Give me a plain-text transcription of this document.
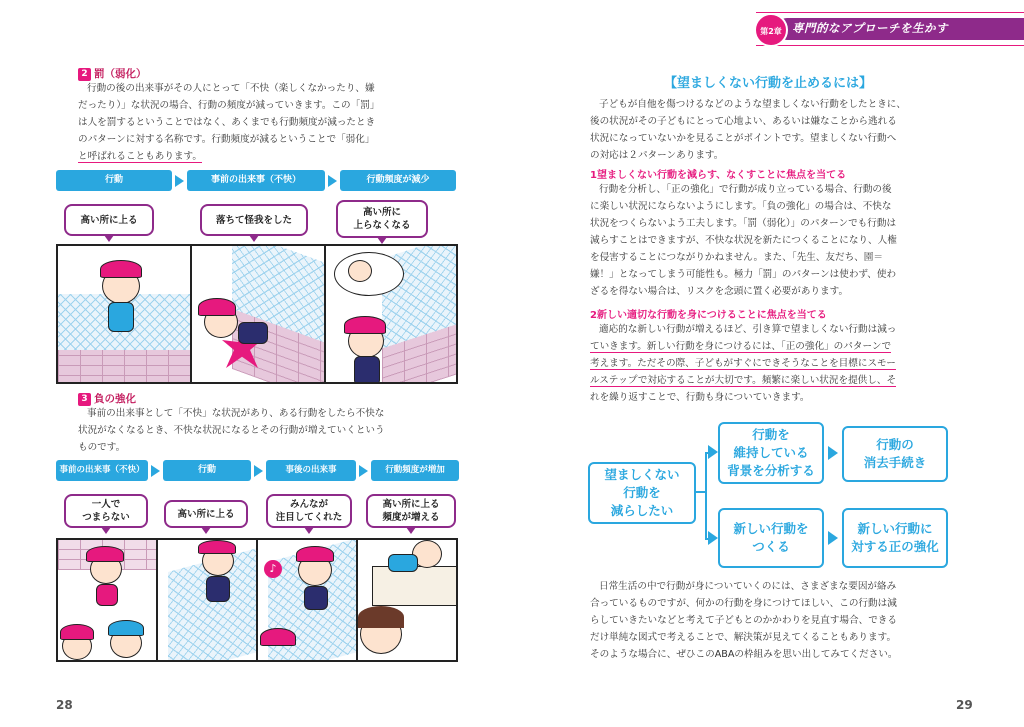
2 罰（弱化）
行動の後の出来事がその人にとって「不快（楽しくなかったり、嫌
だったり）」な状況の場合、行動の頻度が減っていきます。この「罰」
は人を罰するということではなく、あくまでも行動頻度が減ったとき
のパターンに対する名称です。行動頻度が減るということで「弱化」
と呼ばれることもあります。
行動	事前の出来事（不快）	行動頻度が減少
高い所に上る	落ちて怪我をした
高い所に
上らなくなる
3 負の強化
事前の出来事として「不快」な状況があり、ある行動をしたら不快な
状況がなくなるとき、不快な状況になるとその行動が増えていくという
ものです。
事前の出来事（不快）	行動	事後の出来事	行動頻度が増加
一人で
つまらない	高い所に上る
みんなが
注目してくれた
高い所に上る
頻度が増える
♪
28
第2章 専門的なアプローチを生かす
【望ましくない行動を止めるには】
子どもが自他を傷つけるなどのような望ましくない行動をしたときに、
後の状況がその子どもにとって心地よい、あるいは嫌なことから逃れる
状況になっていないかを見ることがポイントです。望ましくない行動へ
の対応は２パターンあります。
1望ましくない行動を減らす、なくすことに焦点を当てる
行動を分析し、「正の強化」で行動が成り立っている場合、行動の後
に楽しい状況にならないようにします。「負の強化」の場合は、不快な
状況をつくらないよう工夫します。「罰（弱化）」のパターンでも行動は
減らすことはできますが、不快な状況を新たにつくることになり、人権
を侵害することにつながりかねません。また、「先生、友だち、園＝
嫌！」となってしまう可能性も。極力「罰」のパターンは使わず、使わ
ざるを得ない場合は、リスクを念頭に置く必要があります。
2新しい適切な行動を身につけることに焦点を当てる
適応的な新しい行動が増えるほど、引き算で望ましくない行動は減っ
ていきます。新しい行動を身につけるには、「正の強化」のパターンで
考えます。ただその際、子どもがすぐにできそうなことを目標にスモー
ルステップで対応することが大切です。頻繁に楽しい状況を提供し、そ
れを繰り返すことで、行動も身についていきます。
望ましくない
行動を
減らしたい
行動を
維持している
背景を分析する
行動の
消去手続き
新しい行動を
つくる
新しい行動に
対する正の強化
日常生活の中で行動が身についていくのには、さまざまな要因が絡み
合っているものですが、何かの行動を身につけてほしい、この行動は減
らしていきたいなどと考えて子どもとのかかわりを見直す場合、できる
だけ単純な図式で考えることで、解決策が見えてくることもあります。
そのような場合に、ぜひこのABAの枠組みを思い出してみてください。
29
